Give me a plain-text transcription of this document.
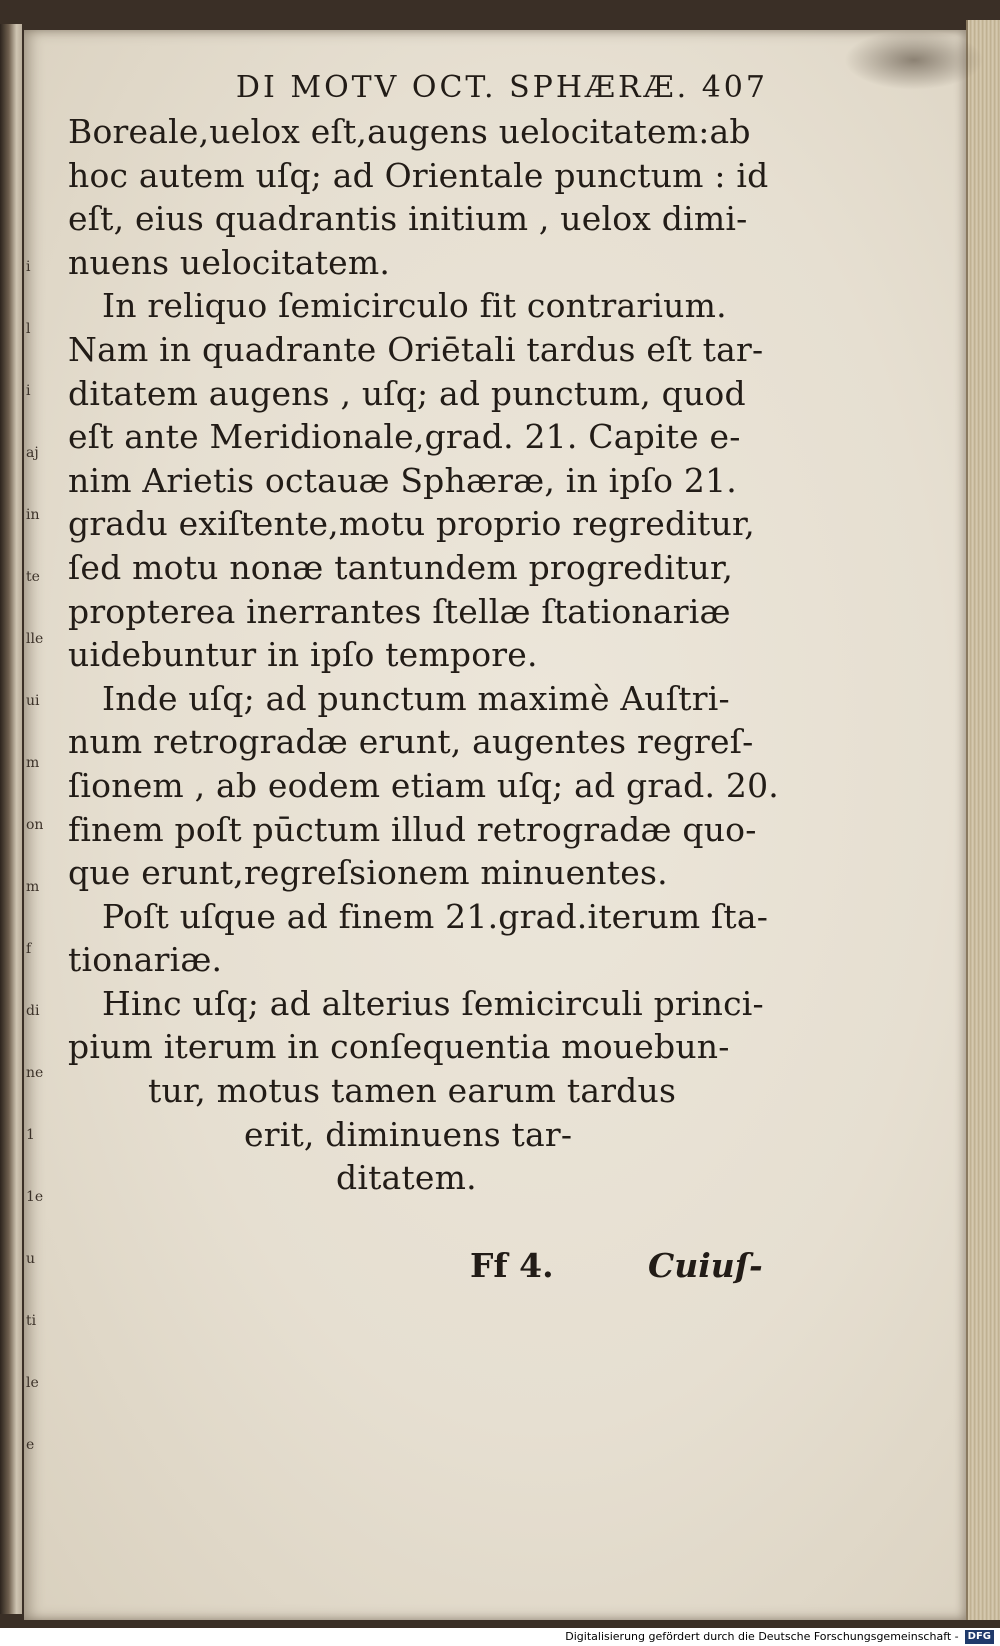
i
l
i
aj
in
te
lle
ui
m
on
m
f
di
ne
1
1e
u
ti
le
e
DI MOTV OCT. SPHÆRÆ. 407
Boreale,uelox eſt,augens uelocitatem:ab
hoc autem uſq; ad Orientale punctum : id
eſt, eius quadrantis initium , uelox dimi-
nuens uelocitatem.
In reliquo ſemicirculo fit contrarium.
Nam in quadrante Oriētali tardus eſt tar-
ditatem augens , uſq; ad punctum, quod
eſt ante Meridionale,grad. 21. Capite e-
nim Arietis octauæ Sphæræ, in ipſo 21.
gradu exiſtente,motu proprio regreditur,
ſed motu nonæ tantundem progreditur,
propterea inerrantes ſtellæ ſtationariæ
uidebuntur in ipſo tempore.
Inde uſq; ad punctum maximè Auſtri-
num retrogradæ erunt, augentes regreſ-
ſionem , ab eodem etiam uſq; ad grad. 20.
finem poſt pūctum illud retrogradæ quo-
que erunt,regreſsionem minuentes.
Poſt uſque ad finem 21.grad.iterum ſta-
tionariæ.
Hinc uſq; ad alterius ſemicirculi princi-
pium iterum in conſequentia mouebun-
tur, motus tamen earum tardus
erit, diminuens tar-
ditatem.
Ff 4.	Cuiuſ-
Digitalisierung gefördert durch die Deutsche Forschungsgemeinschaft - DFG
